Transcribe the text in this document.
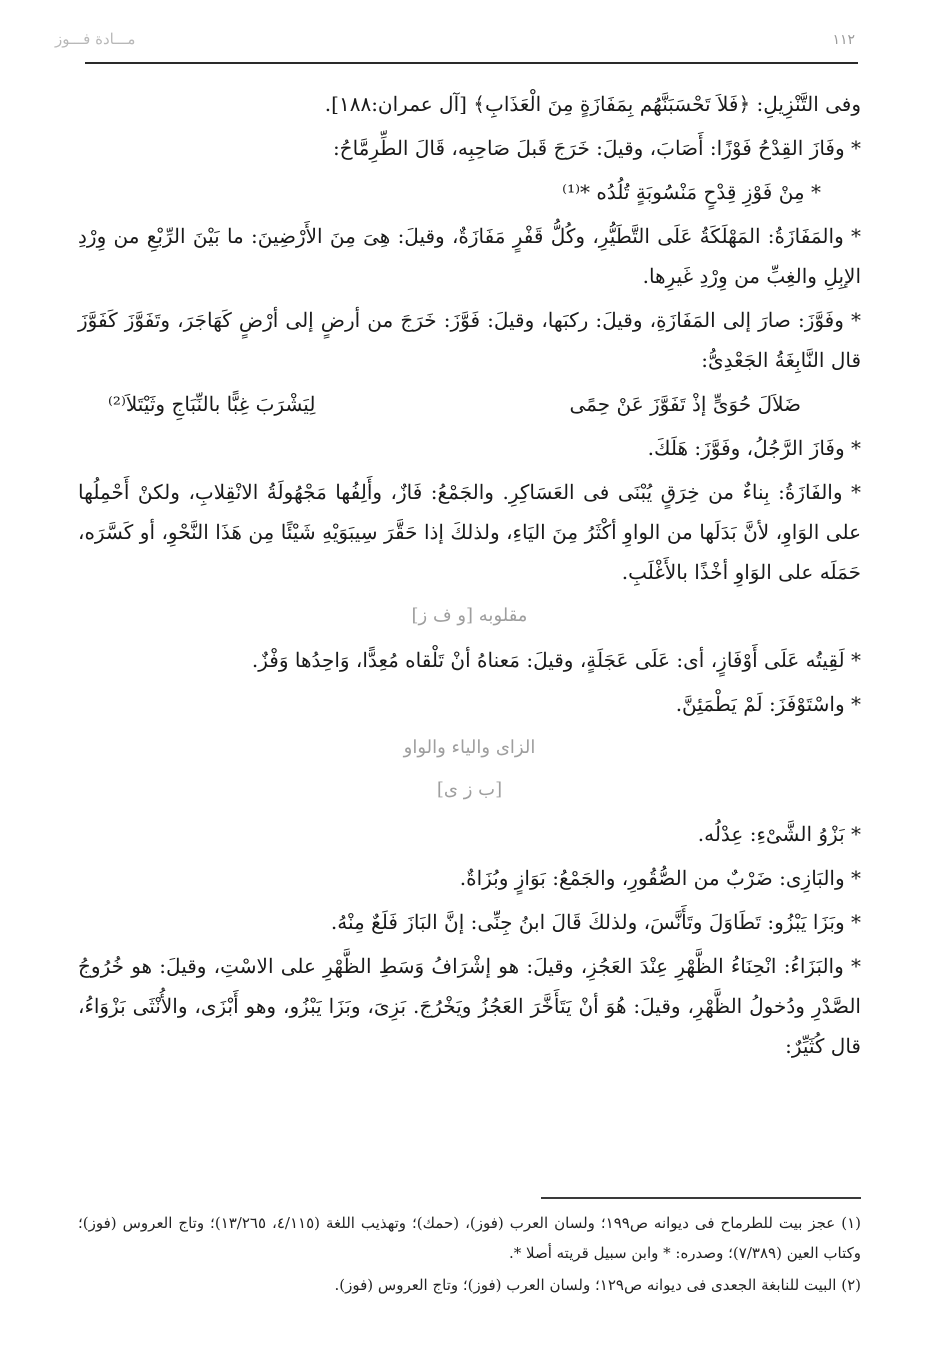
مـــادة فـــوز	١١٢

وفى التَّنْزِيلِ: ﴿فَلاَ تَحْسَبَنَّهُم بِمَفَازَةٍ مِنَ الْعَذَابِ﴾ [آل عمران:١٨٨].

* وفَازَ القِدْحُ فَوْزًا: أَصَابَ، وقيلَ: خَرَجَ قَبلَ صَاحِبِه، قَالَ الطِّرِمَّاحُ:

* مِنْ فَوْزِ قِدْحٍ مَنْسُوبَةٍ تُلُدُه *⁽¹⁾

* والمَفَازَةُ: المَهْلَكَةُ عَلَى التَّطَيُّرِ، وكُلُّ قَفْرٍ مَفَازَةٌ، وقيلَ: هِىَ مِنَ الأَرْضِينَ: ما بَيْنَ الرِّبْعِ من وِرْدِ الإبِلِ والغِبِّ من وِرْدِ غَيرِها.

* وفَوَّزَ: صارَ إلى المَفَازَةِ، وقيلَ: ركبَها، وقيلَ: فَوَّزَ: خَرَجَ من أرضٍ إلى أرْضٍ كَهَاجَرَ، وتَفَوَّزَ كَفَوَّزَ قال النَّابِغَةُ الجَعْدِىُّ:

ضَلاَلَ حُوَىٍّ إذْ تَفَوَّزَ عَنْ حِمًى
لِيَشْرَبَ غِبًّا بالنِّبَاجِ وثَيْتَلاَ⁽²⁾

* وفَازَ الرَّجُلُ، وفَوَّزَ: هَلَكَ.

* والفَازَةُ: بِناءٌ من خِرَقٍ يُبْنَى فى العَسَاكِرِ. والجَمْعُ: فَازٌ، وأَلِفُها مَجْهُولَةُ الانْقِلابِ، ولكنْ أَحْمِلُها على الوَاوِ، لأنَّ بَدَلَها من الواوِ أكْثَرُ مِنَ اليَاءِ، ولذلكَ إذا حَقَّرَ سِيبَوَيْهِ شَيْئًا مِن هَذَا النَّحْوِ، أو كَسَّرَه، حَمَلَه على الوَاوِ أخْذًا بالأَغْلَبِ.

مقلوبه [و ف ز]

* لَقِيتُه عَلَى أَوْفَازٍ، أى: عَلَى عَجَلَةٍ، وقيلَ: مَعناهُ أنْ تَلْقاه مُعِدًّا، وَاحِدُها وَفْزٌ.

* واسْتَوْفَزَ: لَمْ يَطْمَئِنَّ.

الزاى والياء والواو
[ب ز ى]

* بَزْوُ الشَّىْءِ: عِدْلُه.

* والبَازِى: ضَرْبٌ من الصُّقُورِ، والجَمْعُ: بَوَازٍ وبُزَاةٌ.

* وبَزَا يَبْزُو: تَطَاوَلَ وتَأَنَّسَ، ولذلكَ قَالَ ابنُ جِنِّى: إنَّ البَازَ فَلَعٌ مِنْهُ.

* والبَزَاءُ: انْحِنَاءُ الظَّهْرِ عِنْدَ العَجُزِ، وقيلَ: هو إشْرَافُ وَسَطِ الظَّهْرِ على الاسْتِ، وقيلَ: هو خُرُوجُ الصَّدْرِ ودُخولُ الظَّهْرِ، وقيلَ: هُوَ أنْ يَتَأَخَّرَ العَجُزُ ويَخْرُجَ. بَزِىَ، وبَزَا يَبْزُو، وهو أَبْزَى، والأُنْثَى بَزْوَاءُ، قال كُثَيِّرٌ:

(١) عجز بيت للطرماح فى ديوانه ص١٩٩؛ ولسان العرب (فوز)، (حمك)؛ وتهذيب اللغة (٤/١١٥، ١٣/٢٦٥)؛ وتاج العروس (فوز)؛ وكتاب العين (٧/٣٨٩)؛ وصدره: * وابن سبيل قريته أصلا *.

(٢) البيت للنابغة الجعدى فى ديوانه ص١٢٩؛ ولسان العرب (فوز)؛ وتاج العروس (فوز).
